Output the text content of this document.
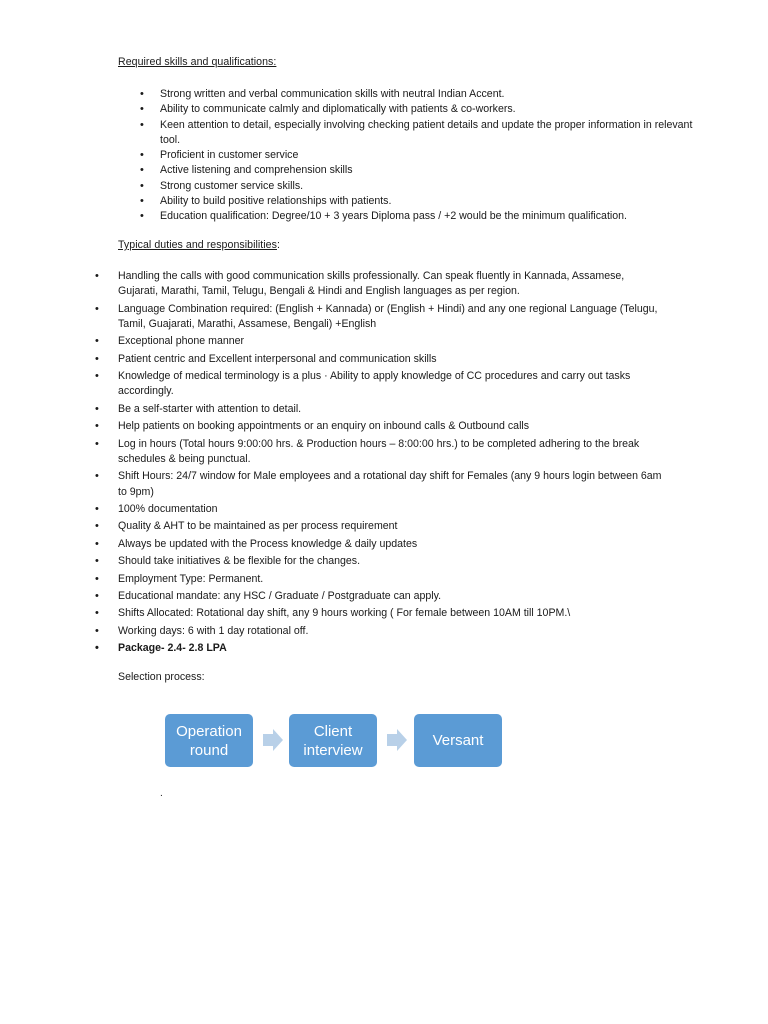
Required skills and qualifications:
• Strong written and verbal communication skills with neutral Indian Accent.
• Ability to communicate calmly and diplomatically with patients & co-workers.
• Keen attention to detail, especially involving checking patient details and update the proper information in relevant tool.
• Proficient in customer service
• Active listening and comprehension skills
• Strong customer service skills.
• Ability to build positive relationships with patients.
• Education qualification: Degree/10 + 3 years Diploma pass / +2 would be the minimum qualification.
Typical duties and responsibilities:
• Handling the calls with good communication skills professionally. Can speak fluently in Kannada, Assamese, Gujarati, Marathi, Tamil, Telugu, Bengali & Hindi and English languages as per region.
• Language Combination required: (English + Kannada) or (English + Hindi) and any one regional Language (Telugu, Tamil, Guajarati, Marathi, Assamese, Bengali) +English
• Exceptional phone manner
• Patient centric and Excellent interpersonal and communication skills
• Knowledge of medical terminology is a plus · Ability to apply knowledge of CC procedures and carry out tasks accordingly.
• Be a self-starter with attention to detail.
• Help patients on booking appointments or an enquiry on inbound calls & Outbound calls
• Log in hours (Total hours 9:00:00 hrs. & Production hours – 8:00:00 hrs.) to be completed adhering to the break schedules & being punctual.
• Shift Hours: 24/7 window for Male employees and a rotational day shift for Females (any 9 hours login between 6am to 9pm)
• 100% documentation
• Quality & AHT to be maintained as per process requirement
• Always be updated with the Process knowledge & daily updates
• Should take initiatives & be flexible for the changes.
• Employment Type: Permanent.
• Educational mandate: any HSC / Graduate / Postgraduate can apply.
• Shifts Allocated: Rotational day shift, any 9 hours working ( For female between 10AM till 10PM.\
• Working days: 6 with 1 day rotational off.
• Package- 2.4- 2.8 LPA
Selection process:
Operation
round
Client
interview
Versant
.
